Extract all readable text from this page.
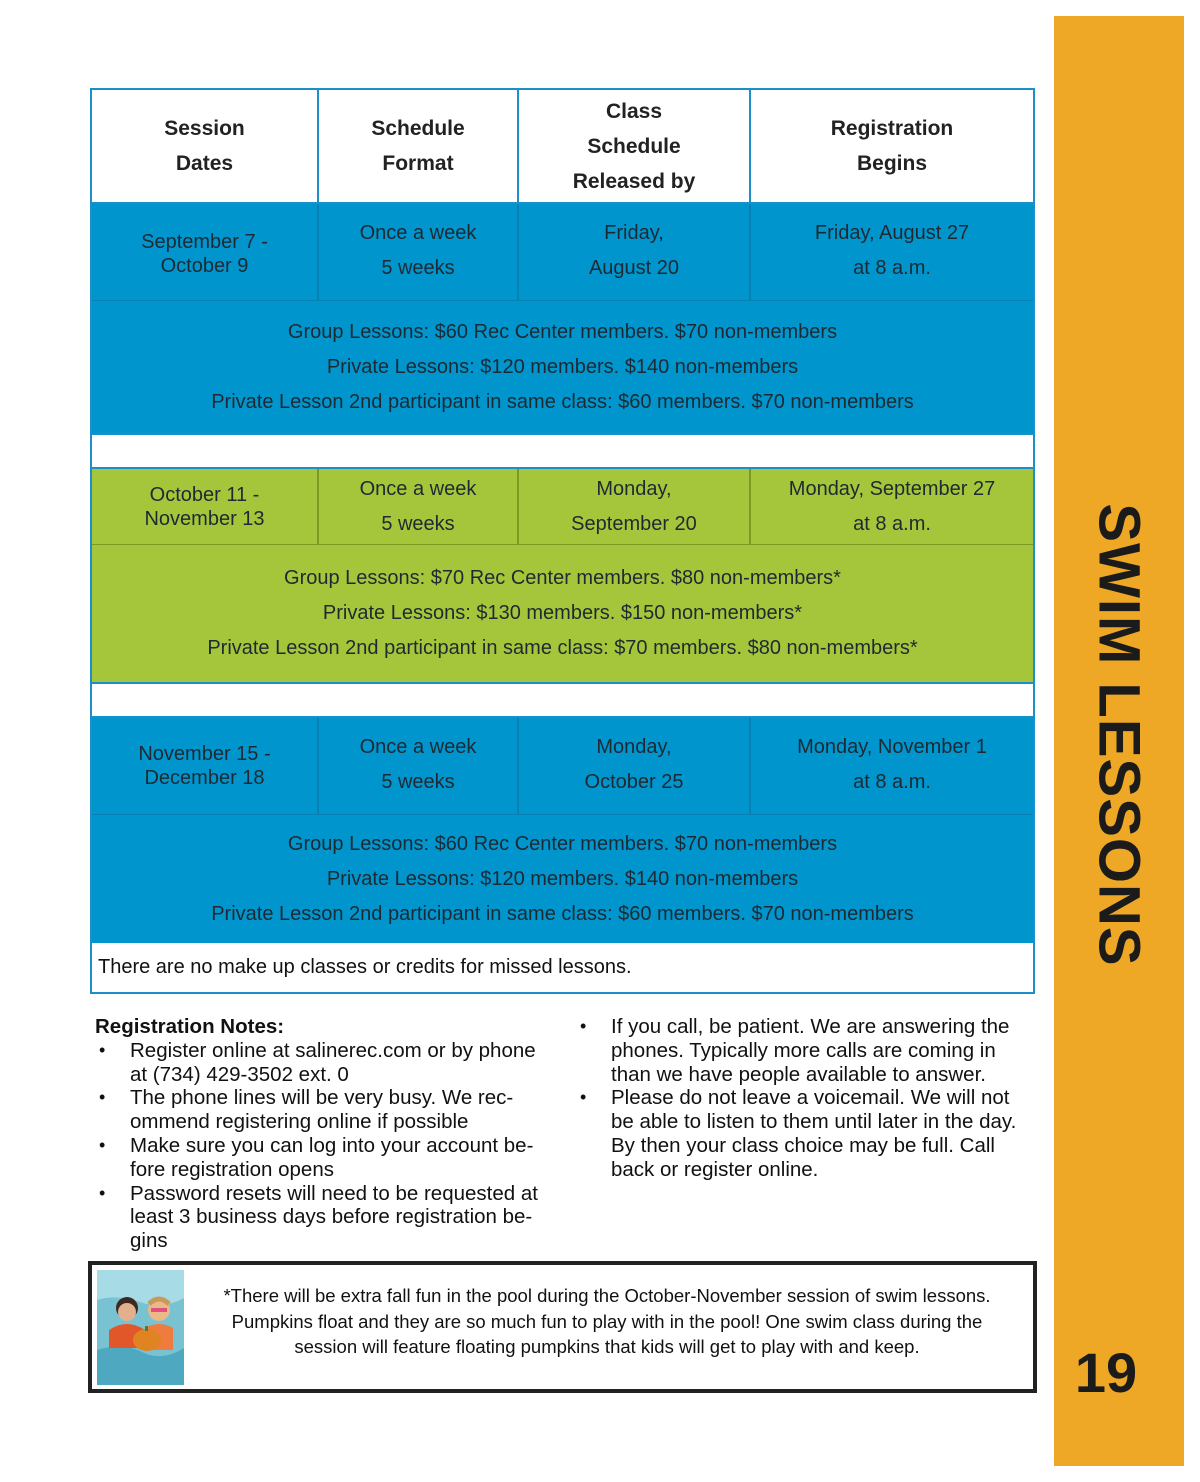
SWIM LESSONS
19
Session
Dates
Schedule
Format
Class
Schedule
Released by
Registration
Begins
September 7 -
October 9
Once a week
5 weeks
Friday,
August 20
Friday, August 27
at 8 a.m.
Group Lessons: $60 Rec Center members. $70 non-members
Private Lessons: $120 members. $140 non-members
Private Lesson 2nd participant in same class: $60 members. $70 non-members
October 11 -
November 13
Once a week
5 weeks
Monday,
September 20
Monday, September 27
at 8 a.m.
Group Lessons: $70 Rec Center members. $80 non-members*
Private Lessons: $130 members. $150 non-members*
Private Lesson 2nd participant in same class: $70 members. $80 non-members*
November 15 -
December 18
Once a week
5 weeks
Monday,
October 25
Monday, November 1
at 8 a.m.
Group Lessons: $60 Rec Center members. $70 non-members
Private Lessons: $120 members. $140 non-members
Private Lesson 2nd participant in same class: $60 members. $70 non-members
There are no make up classes or credits for missed lessons.

Registration Notes:

• Register online at salinerec.com or by phone
at (734) 429-3502 ext. 0
• The phone lines will be very busy. We rec-
ommend registering online if possible
• Make sure you can log into your account be-
fore registration opens
• Password resets will need to be requested at
least 3 business days before registration be-
gins
• If you call, be patient. We are answering the
phones. Typically more calls are coming in
than we have people available to answer.
• Please do not leave a voicemail. We will not
be able to listen to them until later in the day.
By then your class choice may be full. Call
back or register online.
*There will be extra fall fun in the pool during the October-November session of swim lessons.
Pumpkins float and they are so much fun to play with in the pool! One swim class during the
session will feature floating pumpkins that kids will get to play with and keep.
